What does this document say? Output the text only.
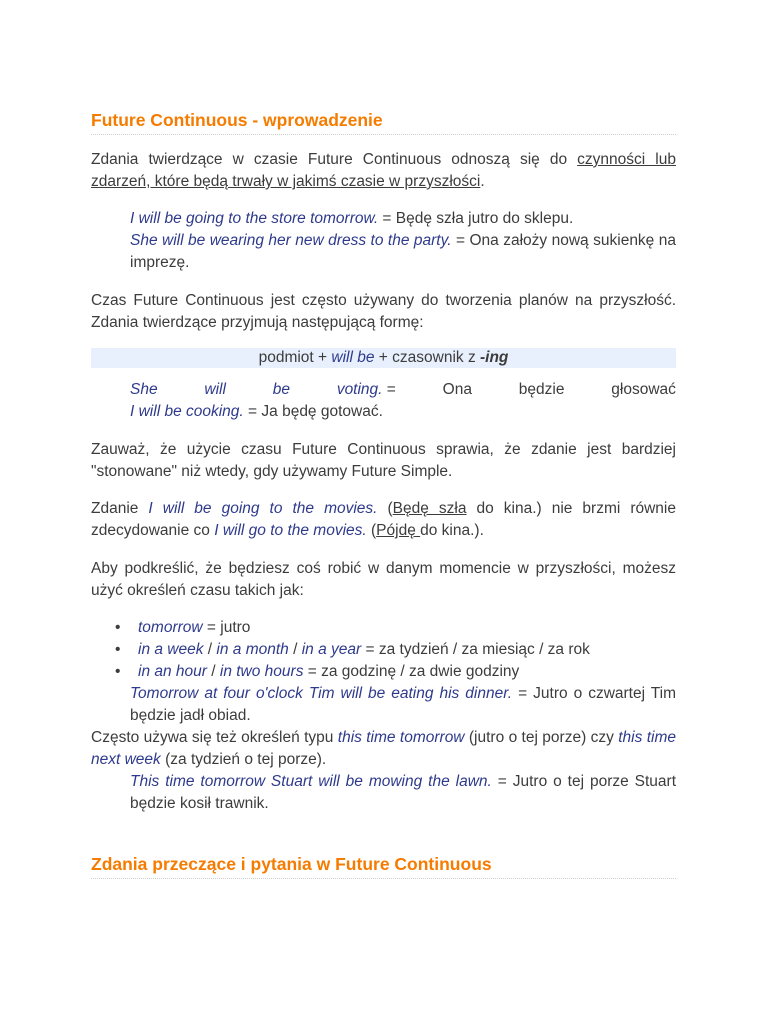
Future Continuous - wprowadzenie

Zdania twierdzące w czasie Future Continuous odnoszą się do czynności lub zdarzeń, które będą trwały w jakimś czasie w przyszłości.

I will be going to the store tomorrow. = Będę szła jutro do sklepu.

She will be wearing her new dress to the party. = Ona założy nową sukienkę na imprezę.

Czas Future Continuous jest często używany do tworzenia planów na przyszłość. Zdania twierdzące przyjmują następującą formę:

podmiot + will be + czasownik z -ing
She	will	be	voting. =	Ona	będzie	głosować

I will be cooking. = Ja będę gotować.

Zauważ, że użycie czasu Future Continuous sprawia, że zdanie jest bardziej "stonowane" niż wtedy, gdy używamy Future Simple.

Zdanie I will be going to the movies. (Będę szła do kina.) nie brzmi równie zdecydowanie co I will go to the movies. (Pójdę do kina.).

Aby podkreślić, że będziesz coś robić w danym momencie w przyszłości, możesz użyć określeń czasu takich jak:

• tomorrow = jutro
• in a week / in a month / in a year = za tydzień / za miesiąc / za rok
• in an hour / in two hours = za godzinę / za dwie godziny

Tomorrow at four o'clock Tim will be eating his dinner. = Jutro o czwartej Tim będzie jadł obiad.

Często używa się też określeń typu this time tomorrow (jutro o tej porze) czy this time next week (za tydzień o tej porze).

This time tomorrow Stuart will be mowing the lawn. = Jutro o tej porze Stuart będzie kosił trawnik.

Zdania przeczące i pytania w Future Continuous
